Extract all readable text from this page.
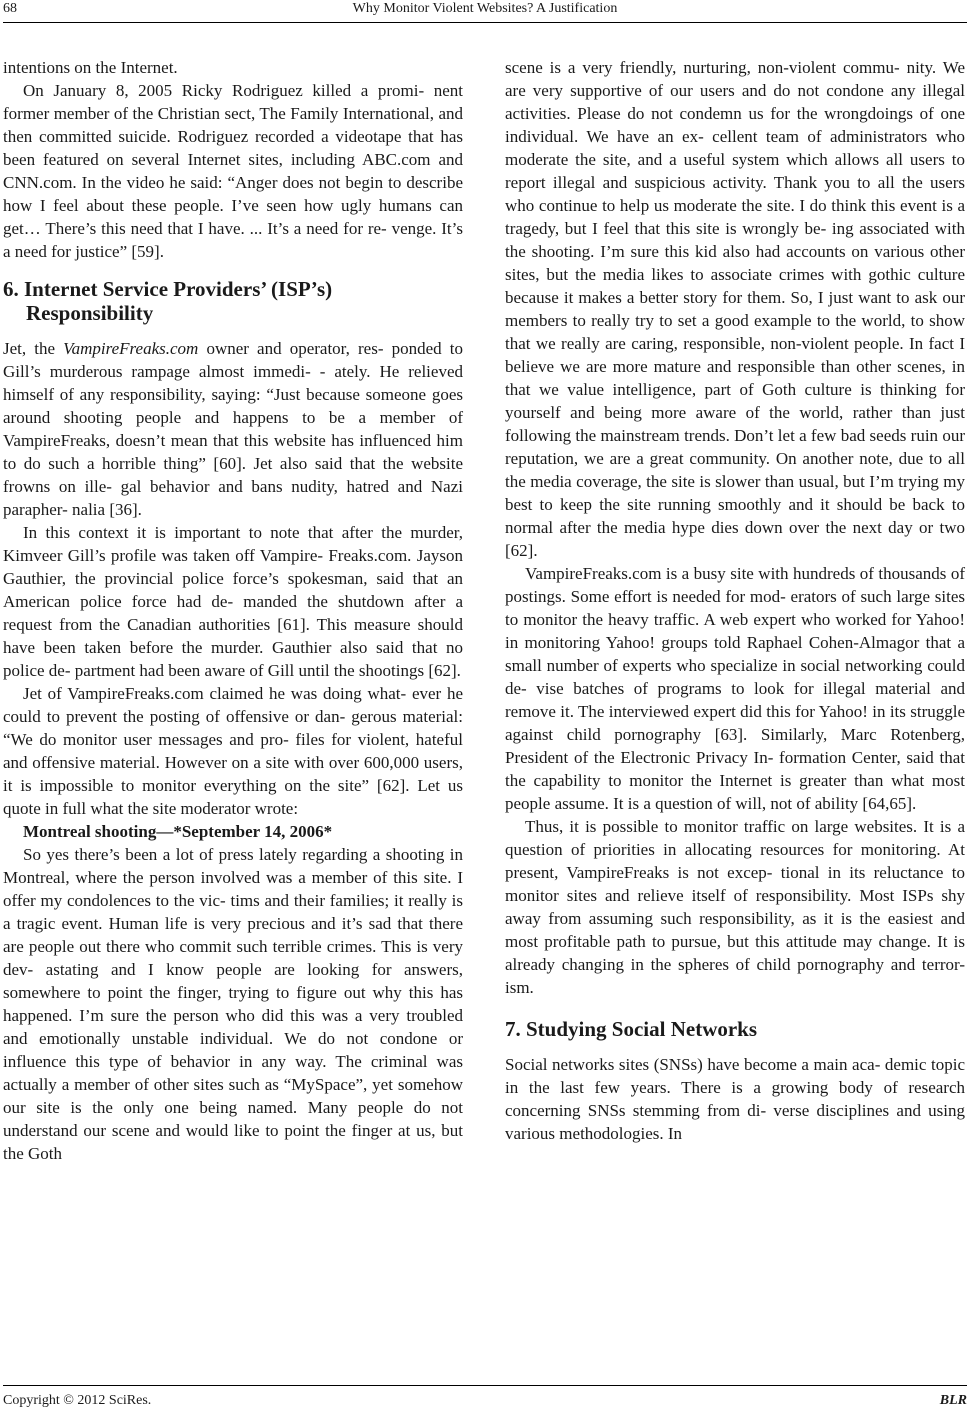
68	Why Monitor Violent Websites? A Justification

intentions on the Internet.

On January 8, 2005 Ricky Rodriguez killed a promi- nent former member of the Christian sect, The Family International, and then committed suicide. Rodriguez recorded a videotape that has been featured on several Internet sites, including ABC.com and CNN.com. In the video he said: “Anger does not begin to describe how I feel about these people. I’ve seen how ugly humans can get… There’s this need that I have. ... It’s a need for re- venge. It’s a need for justice” [59].

6. Internet Service Providers’ (ISP’s)
Responsibility

Jet, the VampireFreaks.com owner and operator, res- ponded to Gill’s murderous rampage almost immedi- - ately. He relieved himself of any responsibility, saying: “Just because someone goes around shooting people and happens to be a member of VampireFreaks, doesn’t mean that this website has influenced him to do such a horrible thing” [60]. Jet also said that the website frowns on ille- gal behavior and bans nudity, hatred and Nazi parapher- nalia [36].

In this context it is important to note that after the murder, Kimveer Gill’s profile was taken off Vampire- Freaks.com. Jayson Gauthier, the provincial police force’s spokesman, said that an American police force had de- manded the shutdown after a request from the Canadian authorities [61]. This measure should have been taken before the murder. Gauthier also said that no police de- partment had been aware of Gill until the shootings [62].

Jet of VampireFreaks.com claimed he was doing what- ever he could to prevent the posting of offensive or dan- gerous material: “We do monitor user messages and pro- files for violent, hateful and offensive material. However on a site with over 600,000 users, it is impossible to monitor everything on the site” [62]. Let us quote in full what the site moderator wrote:

Montreal shooting—*September 14, 2006*

So yes there’s been a lot of press lately regarding a shooting in Montreal, where the person involved was a member of this site. I offer my condolences to the vic- tims and their families; it really is a tragic event. Human life is very precious and it’s sad that there are people out there who commit such terrible crimes. This is very dev- astating and I know people are looking for answers, somewhere to point the finger, trying to figure out why this has happened. I’m sure the person who did this was a very troubled and emotionally unstable individual. We do not condone or influence this type of behavior in any way. The criminal was actually a member of other sites such as “MySpace”, yet somehow our site is the only one being named. Many people do not understand our scene and would like to point the finger at us, but the Goth

scene is a very friendly, nurturing, non-violent commu- nity. We are very supportive of our users and do not condone any illegal activities. Please do not condemn us for the wrongdoings of one individual. We have an ex- cellent team of administrators who moderate the site, and a useful system which allows all users to report illegal and suspicious activity. Thank you to all the users who continue to help us moderate the site. I do think this event is a tragedy, but I feel that this site is wrongly be- ing associated with the shooting. I’m sure this kid also had accounts on various other sites, but the media likes to associate crimes with gothic culture because it makes a better story for them. So, I just want to ask our members to really try to set a good example to the world, to show that we really are caring, responsible, non-violent people. In fact I believe we are more mature and responsible than other scenes, in that we value intelligence, part of Goth culture is thinking for yourself and being more aware of the world, rather than just following the mainstream trends. Don’t let a few bad seeds ruin our reputation, we are a great community. On another note, due to all the media coverage, the site is slower than usual, but I’m trying my best to keep the site running smoothly and it should be back to normal after the media hype dies down over the next day or two [62].

VampireFreaks.com is a busy site with hundreds of thousands of postings. Some effort is needed for mod- erators of such large sites to monitor the heavy traffic. A web expert who worked for Yahoo! in monitoring Yahoo! groups told Raphael Cohen-Almagor that a small number of experts who specialize in social networking could de- vise batches of programs to look for illegal material and remove it. The interviewed expert did this for Yahoo! in its struggle against child pornography [63]. Similarly, Marc Rotenberg, President of the Electronic Privacy In- formation Center, said that the capability to monitor the Internet is greater than what most people assume. It is a question of will, not of ability [64,65].

Thus, it is possible to monitor traffic on large websites. It is a question of priorities in allocating resources for monitoring. At present, VampireFreaks is not excep- tional in its reluctance to monitor sites and relieve itself of responsibility. Most ISPs shy away from assuming such responsibility, as it is the easiest and most profitable path to pursue, but this attitude may change. It is already changing in the spheres of child pornography and terror- ism.

7. Studying Social Networks

Social networks sites (SNSs) have become a main aca- demic topic in the last few years. There is a growing body of research concerning SNSs stemming from di- verse disciplines and using various methodologies. In

Copyright © 2012 SciRes.	BLR
